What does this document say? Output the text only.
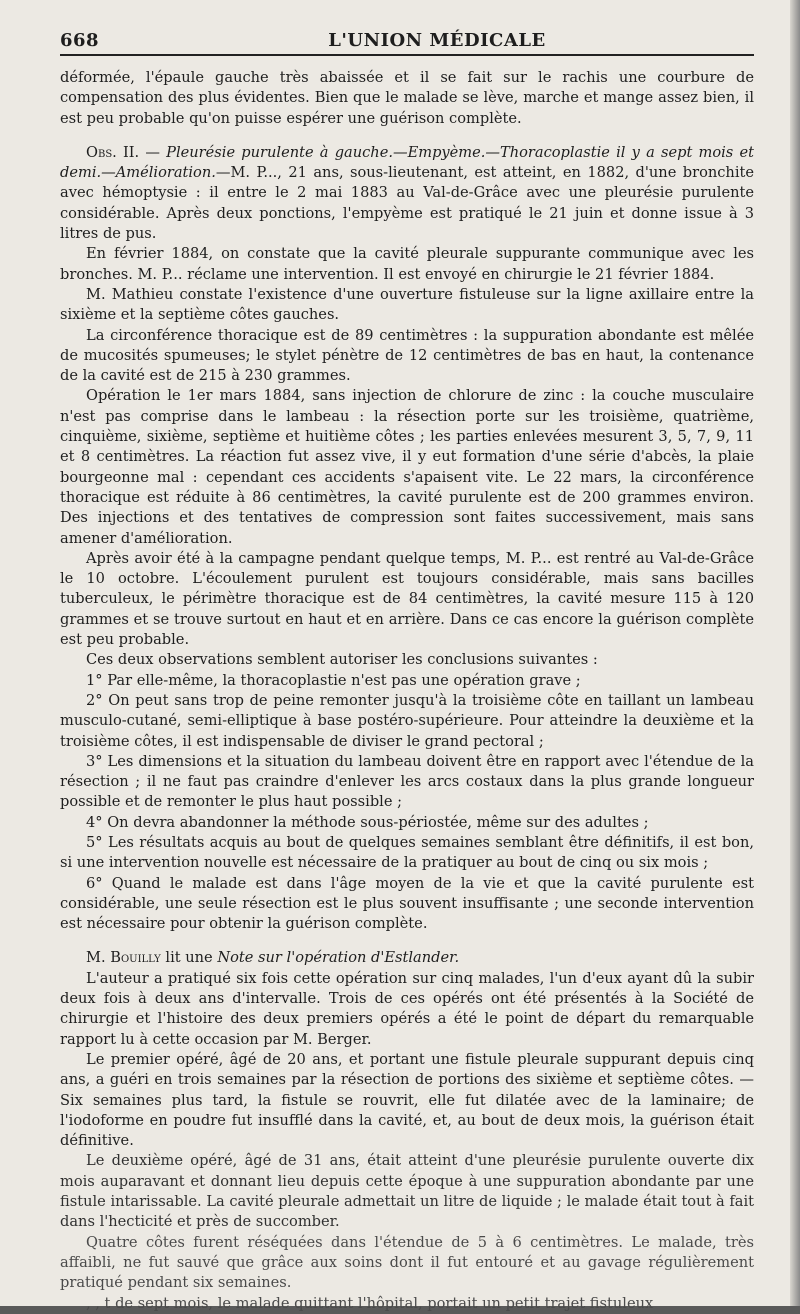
668	L'UNION MÉDICALE

déformée, l'épaule gauche très abaissée et il se fait sur le rachis une courbure de compensation des plus évidentes. Bien que le malade se lève, marche et mange assez bien, il est peu probable qu'on puisse espérer une guérison complète.

Obs. II. — Pleurésie purulente à gauche.—Empyème.—Thoracoplastie il y a sept mois et demi.—Amélioration.—M. P..., 21 ans, sous-lieutenant, est atteint, en 1882, d'une bronchite avec hémoptysie : il entre le 2 mai 1883 au Val-de-Grâce avec une pleurésie purulente considérable. Après deux ponctions, l'empyème est pratiqué le 21 juin et donne issue à 3 litres de pus.

En février 1884, on constate que la cavité pleurale suppurante communique avec les bronches. M. P... réclame une intervention. Il est envoyé en chirurgie le 21 février 1884.

M. Mathieu constate l'existence d'une ouverture fistuleuse sur la ligne axillaire entre la sixième et la septième côtes gauches.

La circonférence thoracique est de 89 centimètres : la suppuration abondante est mêlée de mucosités spumeuses; le stylet pénètre de 12 centimètres de bas en haut, la contenance de la cavité est de 215 à 230 grammes.

Opération le 1er mars 1884, sans injection de chlorure de zinc : la couche musculaire n'est pas comprise dans le lambeau : la résection porte sur les troisième, quatrième, cinquième, sixième, septième et huitième côtes ; les parties enlevées mesurent 3, 5, 7, 9, 11 et 8 centimètres. La réaction fut assez vive, il y eut formation d'une série d'abcès, la plaie bourgeonne mal : cependant ces accidents s'apaisent vite. Le 22 mars, la circonférence thoracique est réduite à 86 centimètres, la cavité purulente est de 200 grammes environ. Des injections et des tentatives de compression sont faites successivement, mais sans amener d'amélioration.

Après avoir été à la campagne pendant quelque temps, M. P... est rentré au Val-de-Grâce le 10 octobre. L'écoulement purulent est toujours considérable, mais sans bacilles tuberculeux, le périmètre thoracique est de 84 centimètres, la cavité mesure 115 à 120 grammes et se trouve surtout en haut et en arrière. Dans ce cas encore la guérison complète est peu probable.

Ces deux observations semblent autoriser les conclusions suivantes :

1° Par elle-même, la thoracoplastie n'est pas une opération grave ;

2° On peut sans trop de peine remonter jusqu'à la troisième côte en taillant un lambeau musculo-cutané, semi-elliptique à base postéro-supérieure. Pour atteindre la deuxième et la troisième côtes, il est indispensable de diviser le grand pectoral ;

3° Les dimensions et la situation du lambeau doivent être en rapport avec l'étendue de la résection ; il ne faut pas craindre d'enlever les arcs costaux dans la plus grande longueur possible et de remonter le plus haut possible ;

4° On devra abandonner la méthode sous-périostée, même sur des adultes ;

5° Les résultats acquis au bout de quelques semaines semblant être définitifs, il est bon, si une intervention nouvelle est nécessaire de la pratiquer au bout de cinq ou six mois ;

6° Quand le malade est dans l'âge moyen de la vie et que la cavité purulente est considérable, une seule résection est le plus souvent insuffisante ; une seconde intervention est nécessaire pour obtenir la guérison complète.

M. Bouilly lit une Note sur l'opération d'Estlander.

L'auteur a pratiqué six fois cette opération sur cinq malades, l'un d'eux ayant dû la subir deux fois à deux ans d'intervalle. Trois de ces opérés ont été présentés à la Société de chirurgie et l'histoire des deux premiers opérés a été le point de départ du remarquable rapport lu à cette occasion par M. Berger.

Le premier opéré, âgé de 20 ans, et portant une fistule pleurale suppurant depuis cinq ans, a guéri en trois semaines par la résection de portions des sixième et septième côtes. — Six semaines plus tard, la fistule se rouvrit, elle fut dilatée avec de la laminaire; de l'iodoforme en poudre fut insufflé dans la cavité, et, au bout de deux mois, la guérison était définitive.

Le deuxième opéré, âgé de 31 ans, était atteint d'une pleurésie purulente ouverte dix mois auparavant et donnant lieu depuis cette époque à une suppuration abondante par une fistule intarissable. La cavité pleurale admettait un litre de liquide ; le malade était tout à fait dans l'hecticité et près de succomber.

Quatre côtes furent réséquées dans l'étendue de 5 à 6 centimètres. Le malade, très affaibli, ne fut sauvé que grâce aux soins dont il fut entouré et au gavage régulièrement pratiqué pendant six semaines.

, , t de sept mois, le malade quittant l'hôpital, portait un petit trajet fistuleux
